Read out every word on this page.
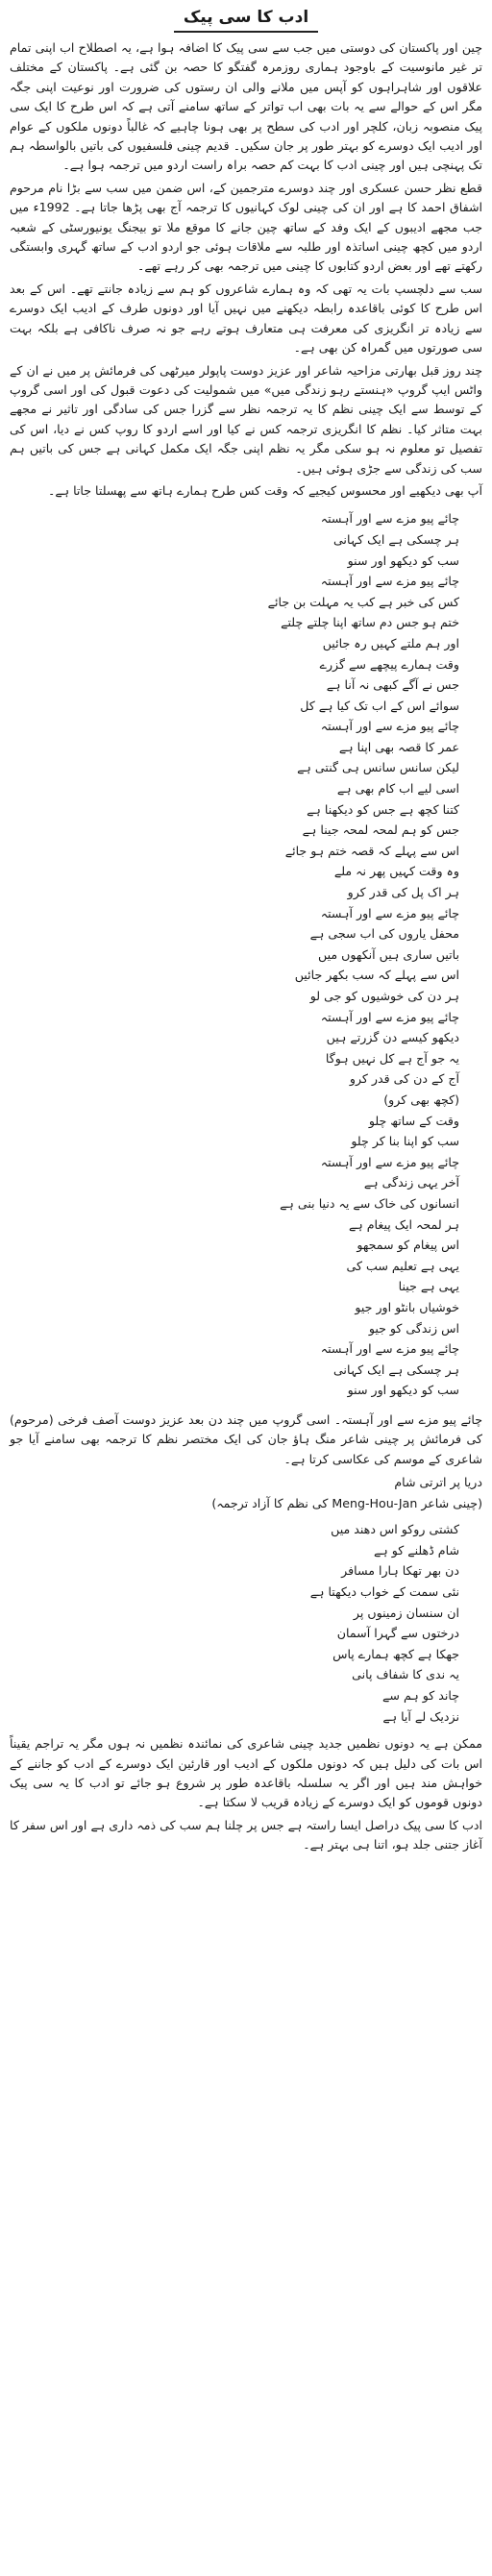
ادب کا سی پیک

چین اور پاکستان کی دوستی میں جب سے سی پیک کا اضافہ ہوا ہے، یہ اصطلاح اب اپنی تمام تر غیر مانوسیت کے باوجود ہماری روزمرہ گفتگو کا حصہ بن گئی ہے۔ پاکستان کے مختلف علاقوں اور شاہراہوں کو آپس میں ملانے والی ان رستوں کی ضرورت اور نوعیت اپنی جگہ مگر اس کے حوالے سے یہ بات بھی اب تواتر کے ساتھ سامنے آتی ہے کہ اس طرح کا ایک سی پیک منصوبہ زبان، کلچر اور ادب کی سطح پر بھی ہونا چاہیے کہ غالباً دونوں ملکوں کے عوام اور ادیب ایک دوسرے کو بہتر طور پر جان سکیں۔ قدیم چینی فلسفیوں کی باتیں بالواسطہ ہم تک پہنچی ہیں اور چینی ادب کا بہت کم حصہ براہ راست اردو میں ترجمہ ہوا ہے۔

قطع نظر حسن عسکری اور چند دوسرے مترجمین کے، اس ضمن میں سب سے بڑا نام مرحوم اشفاق احمد کا ہے اور ان کی چینی لوک کہانیوں کا ترجمہ آج بھی پڑھا جاتا ہے۔ 1992ء میں جب مجھے ادیبوں کے ایک وفد کے ساتھ چین جانے کا موقع ملا تو بیجنگ یونیورسٹی کے شعبہ اردو میں کچھ چینی اساتذہ اور طلبہ سے ملاقات ہوئی جو اردو ادب کے ساتھ گہری وابستگی رکھتے تھے اور بعض اردو کتابوں کا چینی میں ترجمہ بھی کر رہے تھے۔

سب سے دلچسپ بات یہ تھی کہ وہ ہمارے شاعروں کو ہم سے زیادہ جانتے تھے۔ اس کے بعد اس طرح کا کوئی باقاعدہ رابطہ دیکھنے میں نہیں آیا اور دونوں طرف کے ادیب ایک دوسرے سے زیادہ تر انگریزی کی معرفت ہی متعارف ہوتے رہے جو نہ صرف ناکافی ہے بلکہ بہت سی صورتوں میں گمراہ کن بھی ہے۔

چند روز قبل بھارتی مزاحیہ شاعر اور عزیز دوست پاپولر میرٹھی کی فرمائش پر میں نے ان کے واٹس ایپ گروپ «ہنستے رہو زندگی میں» میں شمولیت کی دعوت قبول کی اور اسی گروپ کے توسط سے ایک چینی نظم کا یہ ترجمہ نظر سے گزرا جس کی سادگی اور تاثیر نے مجھے بہت متاثر کیا۔ نظم کا انگریزی ترجمہ کس نے کیا اور اسے اردو کا روپ کس نے دیا، اس کی تفصیل تو معلوم نہ ہو سکی مگر یہ نظم اپنی جگہ ایک مکمل کہانی ہے جس کی باتیں ہم سب کی زندگی سے جڑی ہوئی ہیں۔

آپ بھی دیکھیے اور محسوس کیجیے کہ وقت کس طرح ہمارے ہاتھ سے پھسلتا جاتا ہے۔

چائے پیو مزے سے اور آہستہ

ہر چسکی ہے ایک کہانی

سب کو دیکھو اور سنو

چائے پیو مزے سے اور آہستہ

کس کی خبر ہے کب یہ مہلت بن جائے

ختم ہو جس دم ساتھ اپنا چلتے چلتے

اور ہم ملتے کہیں رہ جائیں

وقت ہمارے پیچھے سے گزرے

جس نے آگے کبھی نہ آنا ہے

سوائے اس کے اب تک کیا ہے کل

چائے پیو مزے سے اور آہستہ

عمر کا قصہ بھی اپنا ہے

لیکن سانس سانس ہی گنتی ہے

اسی لیے اب کام بھی ہے

کتنا کچھ ہے جس کو دیکھنا ہے

جس کو ہم لمحہ لمحہ جینا ہے

اس سے پہلے کہ قصہ ختم ہو جائے

وہ وقت کہیں پھر نہ ملے

ہر اک پل کی قدر کرو

چائے پیو مزے سے اور آہستہ

محفل یاروں کی اب سجی ہے

باتیں ساری ہیں آنکھوں میں

اس سے پہلے کہ سب بکھر جائیں

ہر دن کی خوشیوں کو جی لو

چائے پیو مزے سے اور آہستہ

دیکھو کیسے دن گزرتے ہیں

یہ جو آج ہے کل نہیں ہوگا

آج کے دن کی قدر کرو

(کچھ بھی کرو)

وقت کے ساتھ چلو

سب کو اپنا بنا کر چلو

چائے پیو مزے سے اور آہستہ

آخر یہی زندگی ہے

انسانوں کی خاک سے یہ دنیا بنی ہے

ہر لمحہ ایک پیغام ہے

اس پیغام کو سمجھو

یہی ہے تعلیم سب کی

یہی ہے جینا

خوشیاں بانٹو اور جیو

اس زندگی کو جیو

چائے پیو مزے سے اور آہستہ

ہر چسکی ہے ایک کہانی

سب کو دیکھو اور سنو

چائے پیو مزے سے اور آہستہ۔ اسی گروپ میں چند دن بعد عزیز دوست آصف فرخی (مرحوم) کی فرمائش پر چینی شاعر منگ ہاؤ جان کی ایک مختصر نظم کا ترجمہ بھی سامنے آیا جو شاعری کے موسم کی عکاسی کرتا ہے۔

دریا پر اترتی شام

(چینی شاعر Meng-Hou-Jan کی نظم کا آزاد ترجمہ)

کشتی روکو اس دھند میں

شام ڈھلنے کو ہے

دن بھر تھکا ہارا مسافر

نئی سمت کے خواب دیکھتا ہے

ان سنسان زمینوں پر

درختوں سے گہرا آسمان

جھکا ہے کچھ ہمارے پاس

یہ ندی کا شفاف پانی

چاند کو ہم سے

نزدیک لے آیا ہے

ممکن ہے یہ دونوں نظمیں جدید چینی شاعری کی نمائندہ نظمیں نہ ہوں مگر یہ تراجم یقیناً اس بات کی دلیل ہیں کہ دونوں ملکوں کے ادیب اور قارئین ایک دوسرے کے ادب کو جاننے کے خواہش مند ہیں اور اگر یہ سلسلہ باقاعدہ طور پر شروع ہو جائے تو ادب کا یہ سی پیک دونوں قوموں کو ایک دوسرے کے زیادہ قریب لا سکتا ہے۔

ادب کا سی پیک دراصل ایسا راستہ ہے جس پر چلنا ہم سب کی ذمہ داری ہے اور اس سفر کا آغاز جتنی جلد ہو، اتنا ہی بہتر ہے۔
